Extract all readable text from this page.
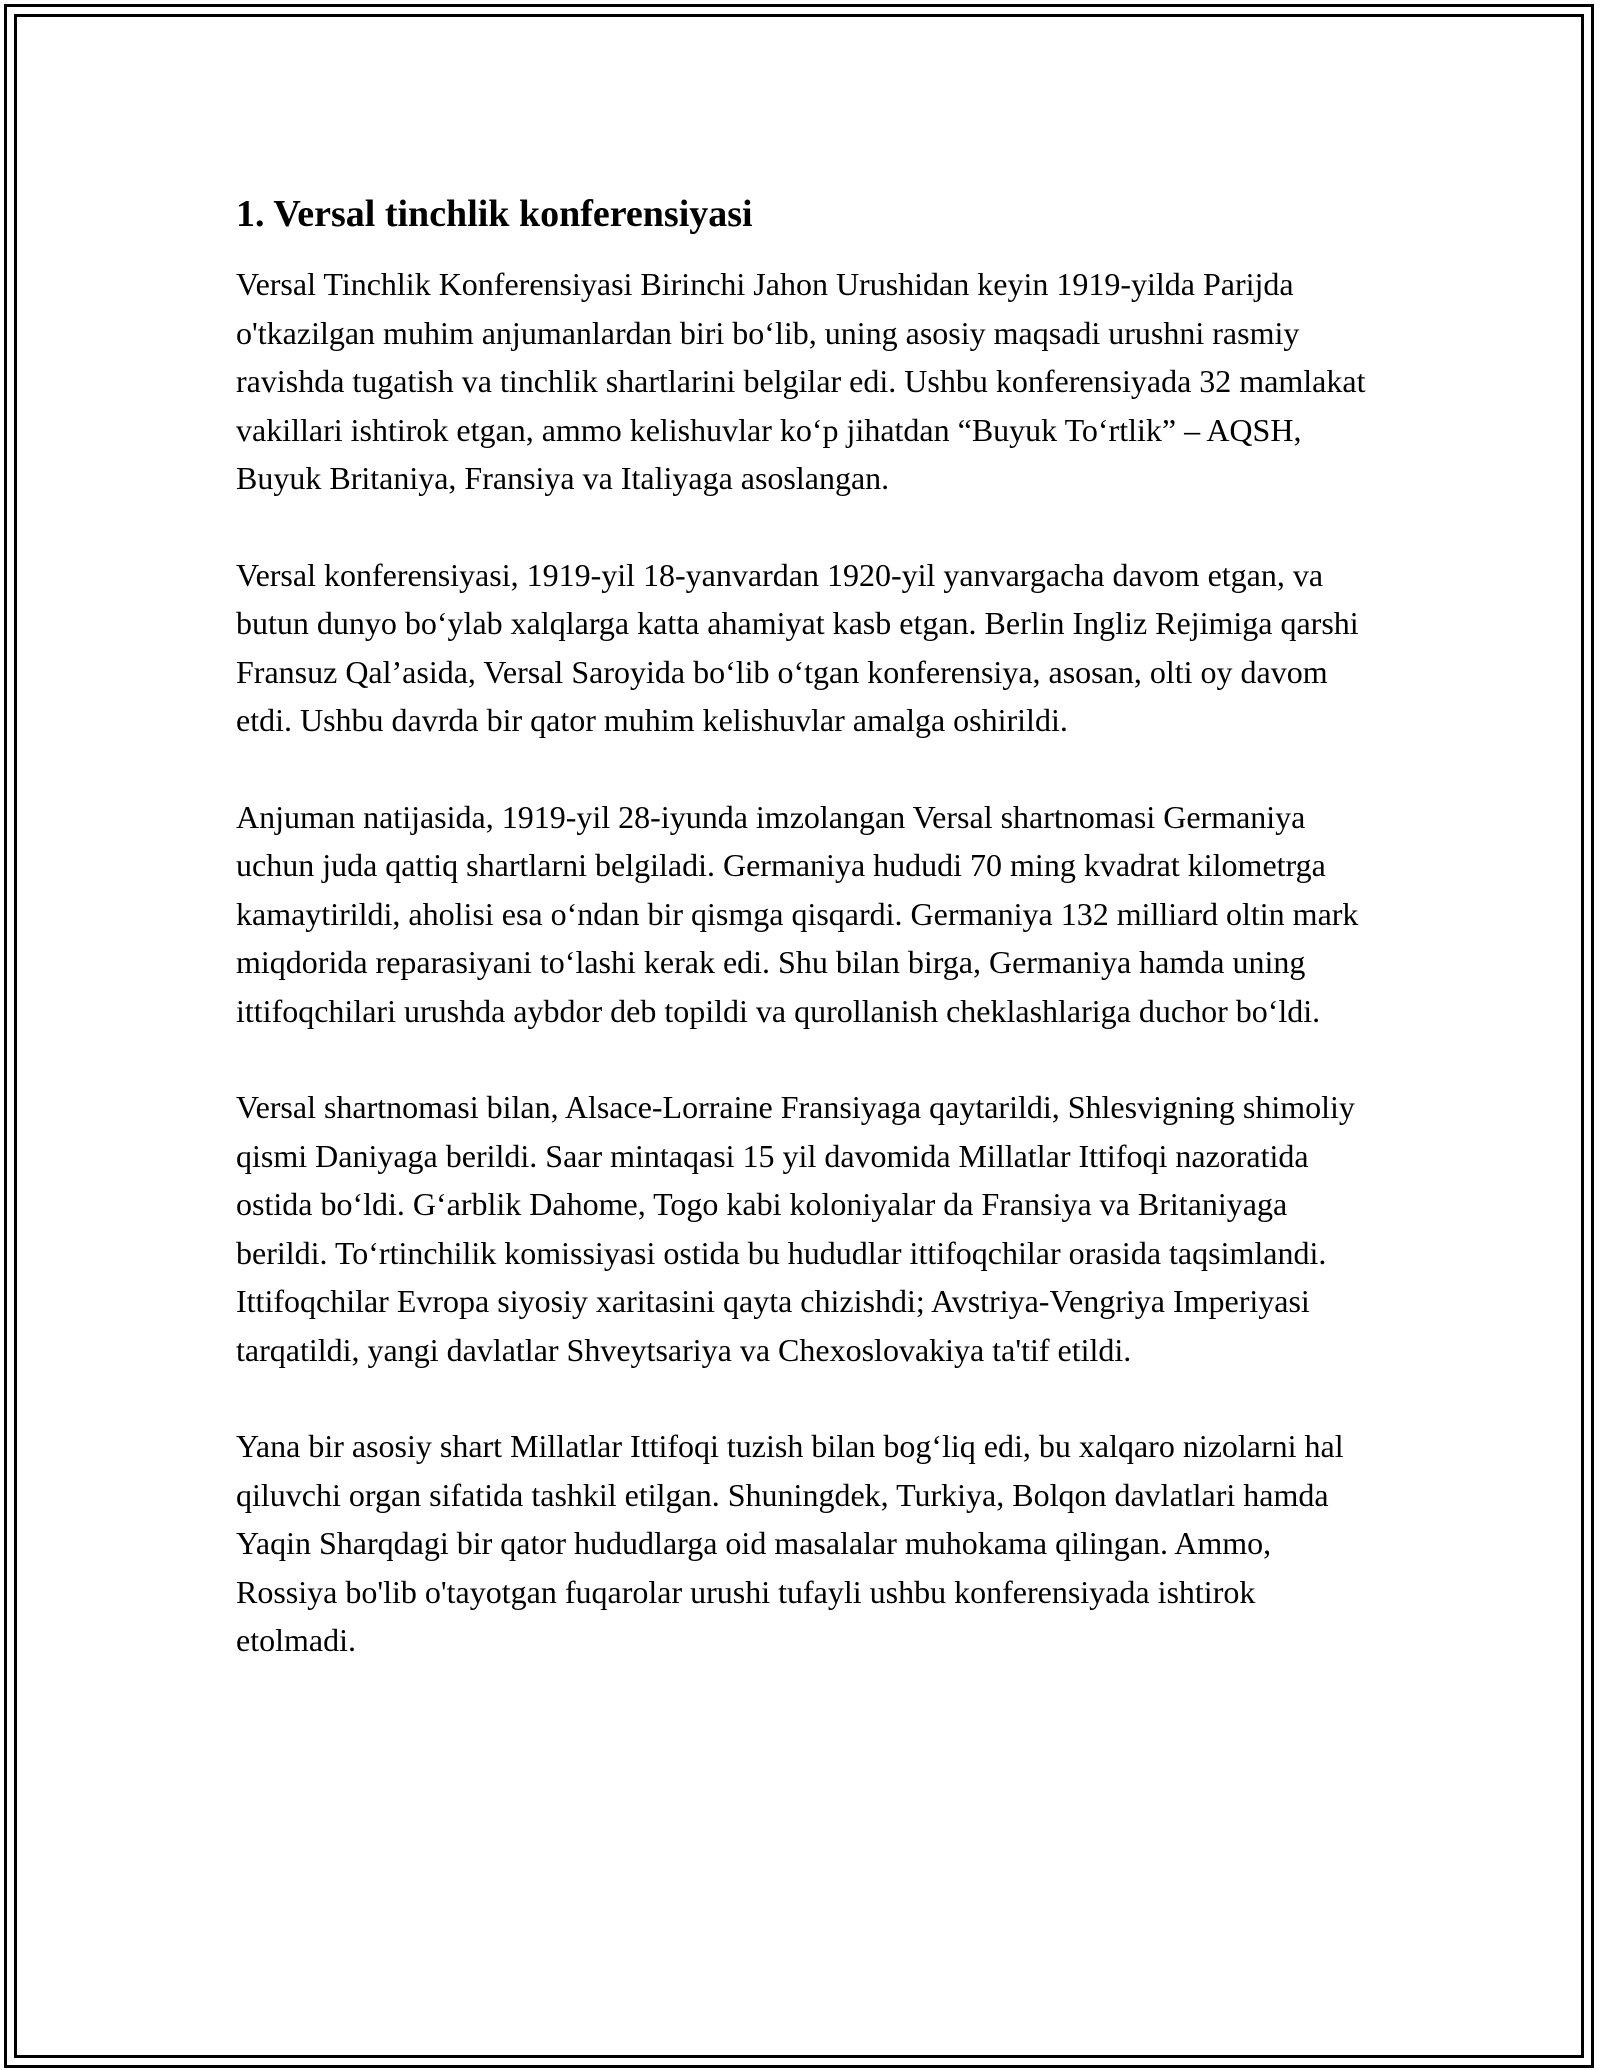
1. Versal tinchlik konferensiyasi

Versal Tinchlik Konferensiyasi Birinchi Jahon Urushidan keyin 1919-yilda Parijda o'tkazilgan muhim anjumanlardan biri bo‘lib, uning asosiy maqsadi urushni rasmiy ravishda tugatish va tinchlik shartlarini belgilar edi. Ushbu konferensiyada 32 mamlakat vakillari ishtirok etgan, ammo kelishuvlar ko‘p jihatdan “Buyuk To‘rtlik” – AQSH, Buyuk Britaniya, Fransiya va Italiyaga asoslangan.

Versal konferensiyasi, 1919-yil 18-yanvardan 1920-yil yanvargacha davom etgan, va butun dunyo bo‘ylab xalqlarga katta ahamiyat kasb etgan. Berlin Ingliz Rejimiga qarshi Fransuz Qal’asida, Versal Saroyida bo‘lib o‘tgan konferensiya, asosan, olti oy davom etdi. Ushbu davrda bir qator muhim kelishuvlar amalga oshirildi.

Anjuman natijasida, 1919-yil 28-iyunda imzolangan Versal shartnomasi Germaniya uchun juda qattiq shartlarni belgiladi. Germaniya hududi 70 ming kvadrat kilometrga kamaytirildi, aholisi esa o‘ndan bir qismga qisqardi. Germaniya 132 milliard oltin mark miqdorida reparasiyani to‘lashi kerak edi. Shu bilan birga, Germaniya hamda uning ittifoqchilari urushda aybdor deb topildi va qurollanish cheklashlariga duchor bo‘ldi.

Versal shartnomasi bilan, Alsace-Lorraine Fransiyaga qaytarildi, Shlesvigning shimoliy qismi Daniyaga berildi. Saar mintaqasi 15 yil davomida Millatlar Ittifoqi nazoratida ostida bo‘ldi. G‘arblik Dahome, Togo kabi koloniyalar da Fransiya va Britaniyaga berildi. To‘rtinchilik komissiyasi ostida bu hududlar ittifoqchilar orasida taqsimlandi. Ittifoqchilar Evropa siyosiy xaritasini qayta chizishdi; Avstriya-Vengriya Imperiyasi tarqatildi, yangi davlatlar Shveytsariya va Chexoslovakiya ta'tif etildi.

Yana bir asosiy shart Millatlar Ittifoqi tuzish bilan bog‘liq edi, bu xalqaro nizolarni hal qiluvchi organ sifatida tashkil etilgan. Shuningdek, Turkiya, Bolqon davlatlari hamda Yaqin Sharqdagi bir qator hududlarga oid masalalar muhokama qilingan. Ammo, Rossiya bo'lib o'tayotgan fuqarolar urushi tufayli ushbu konferensiyada ishtirok etolmadi.
